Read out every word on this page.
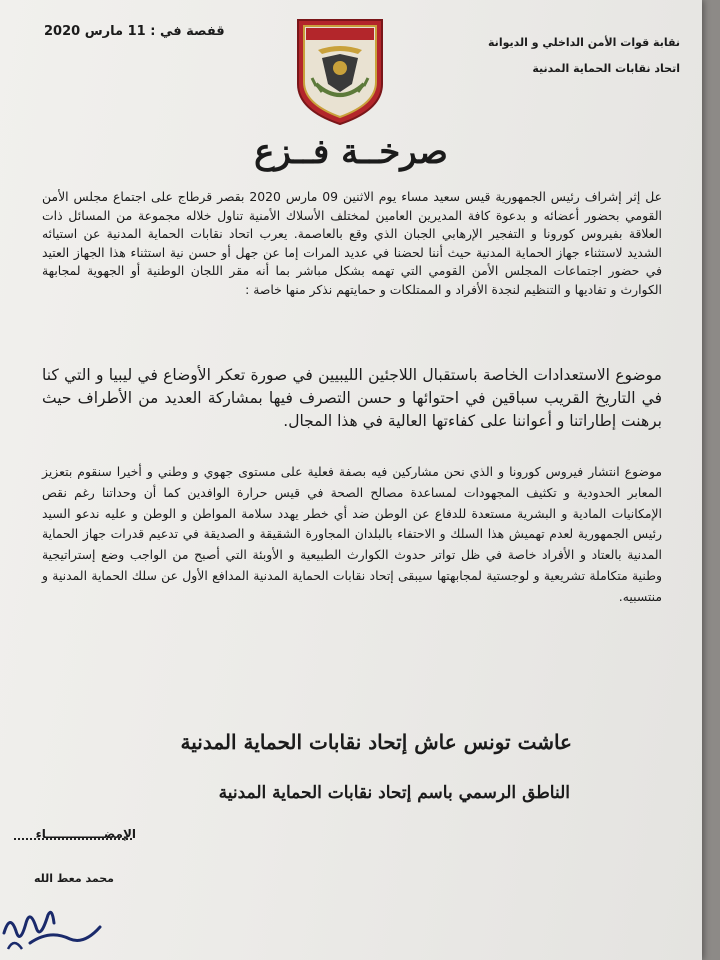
قفصة في : 11 مارس 2020
نقابة قوات الأمن الداخلي و الديوانة
اتحاد نقابات الحماية المدنية
صرخــة فــزع
عل إثر إشراف رئيس الجمهورية قيس سعيد مساء يوم الاثنين 09 مارس 2020 بقصر قرطاج على اجتماع مجلس الأمن القومي بحضور أعضائه و بدعوة كافة المديرين العامين لمختلف الأسلاك الأمنية تناول خلاله مجموعة من المسائل ذات العلاقة بفيروس كورونا و التفجير الإرهابي الجبان الذي وقع بالعاصمة. يعرب اتحاد نقابات الحماية المدنية عن استيائه الشديد لاستثناء جهاز الحماية المدنية حيث أننا لحضنا في عديد المرات إما عن جهل أو حسن نية استثناء هذا الجهاز العتيد في حضور اجتماعات المجلس الأمن القومي التي تهمه بشكل مباشر بما أنه مقر اللجان الوطنية أو الجهوية لمجابهة الكوارث و تفاديها و التنظيم لنجدة الأفراد و الممتلكات و حمايتهم نذكر منها خاصة :
موضوع الاستعدادات الخاصة باستقبال اللاجئين الليبيين في صورة تعكر الأوضاع في ليبيا و التي كنا في التاريخ القريب سباقين في احتوائها و حسن التصرف فيها بمشاركة العديد من الأطراف حيث برهنت إطاراتنا و أعواننا على كفاءتها العالية في هذا المجال.
موضوع انتشار فيروس كورونا و الذي نحن مشاركين فيه بصفة فعلية على مستوى جهوي و وطني و أخيرا سنقوم بتعزيز المعابر الحدودية و تكثيف المجهودات لمساعدة مصالح الصحة في قيس حرارة الوافدين كما أن وحداتنا رغم نقص الإمكانيات المادية و البشرية مستعدة للدفاع عن الوطن ضد أي خطر يهدد سلامة المواطن و الوطن و عليه ندعو السيد رئيس الجمهورية لعدم تهميش هذا السلك و الاحتفاء بالبلدان المجاورة الشقيقة و الصديقة في تدعيم قدرات جهاز الحماية المدنية بالعتاد و الأفراد خاصة في ظل تواتر حدوث الكوارث الطبيعية و الأوبئة التي أصبح من الواجب وضع إستراتيجية وطنية متكاملة تشريعية و لوجستية لمجابهتها سيبقى إتحاد نقابات الحماية المدنية المدافع الأول عن سلك الحماية المدنية و منتسبيه.
عاشت تونس عاش إتحاد نقابات الحماية المدنية
الناطق الرسمي باسم إتحاد نقابات الحماية المدنية
الإمضــــــــــــــاء
محمد معط الله
